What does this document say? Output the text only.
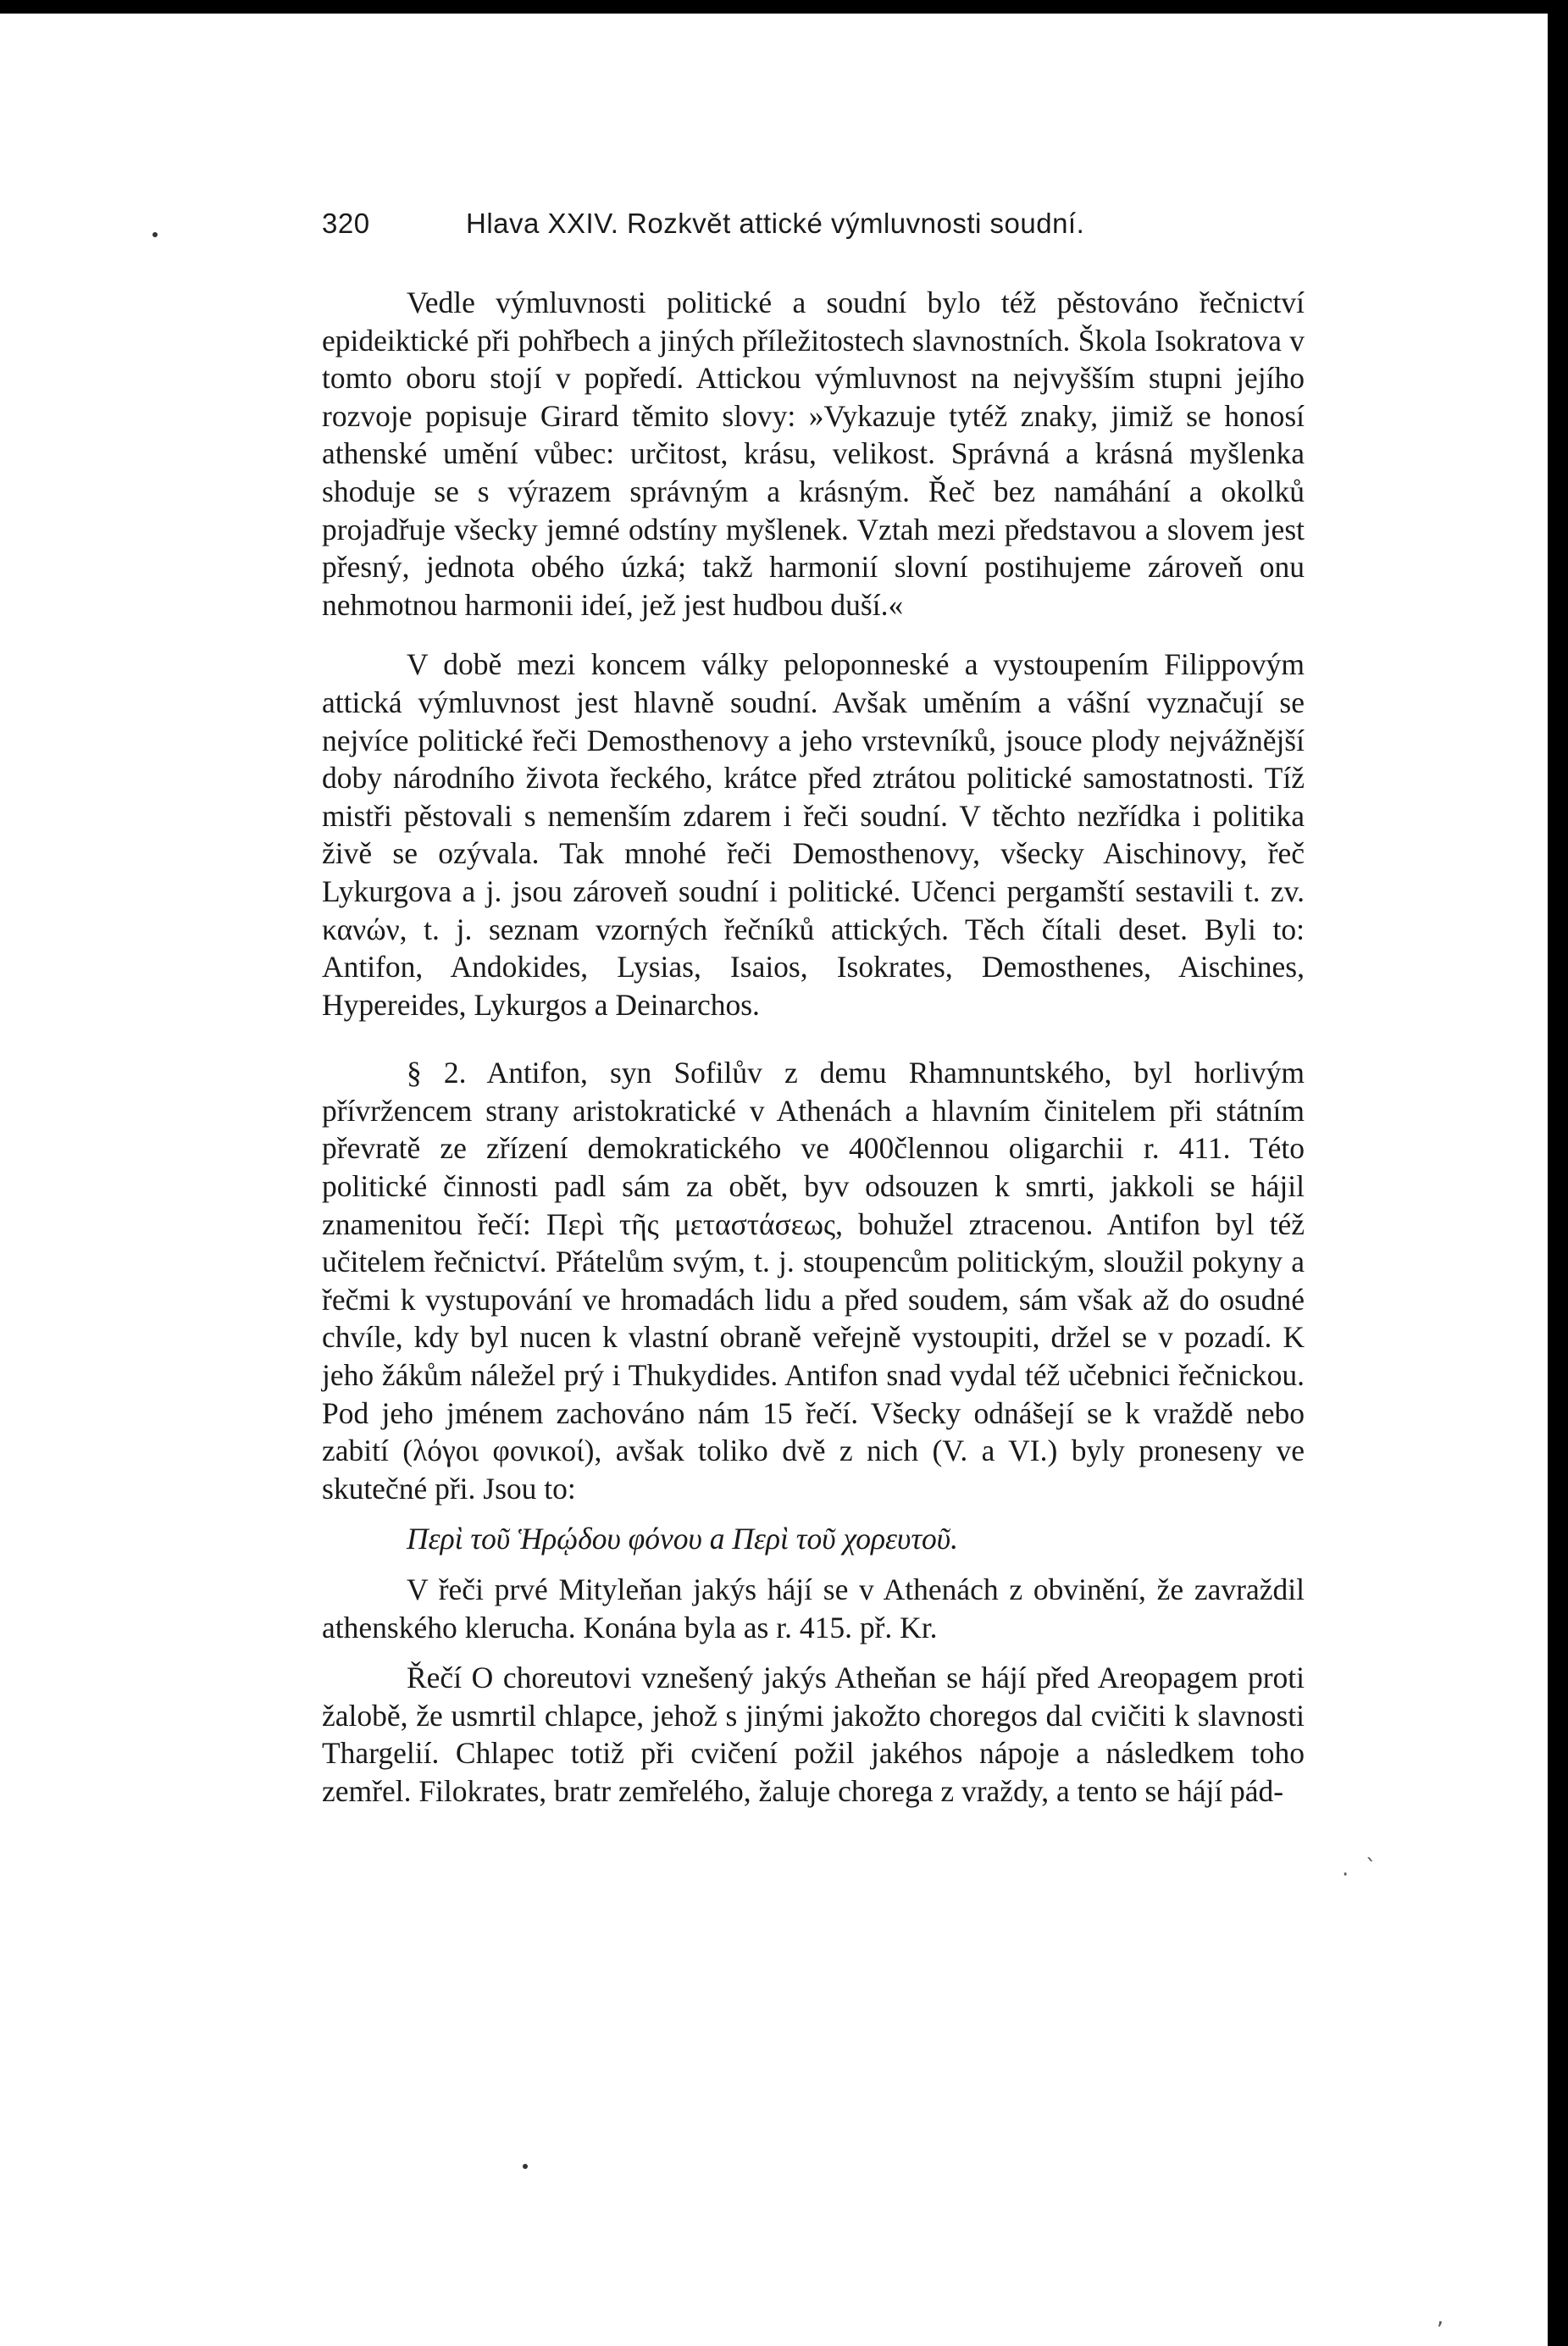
· `
,
320	Hlava XXIV. Rozkvět attické výmluvnosti soudní.

Vedle výmluvnosti politické a soudní bylo též pěstováno řečnictví epideiktické při pohřbech a jiných příležitostech slavnostních. Škola Isokratova v tomto oboru stojí v popředí. Attickou výmluvnost na nejvyšším stupni jejího rozvoje popisuje Girard těmito slovy: »Vykazuje tytéž znaky, jimiž se honosí athenské umění vůbec: určitost, krásu, velikost. Správná a krásná myšlenka shoduje se s výrazem správným a krásným. Řeč bez namáhání a okolků projadřuje všecky jemné odstíny myšlenek. Vztah mezi představou a slovem jest přesný, jednota obého úzká; takž harmonií slovní postihujeme zároveň onu nehmotnou harmonii ideí, jež jest hudbou duší.«

V době mezi koncem války peloponneské a vystoupením Filippovým attická výmluvnost jest hlavně soudní. Avšak uměním a vášní vyznačují se nejvíce politické řeči Demosthenovy a jeho vrstevníků, jsouce plody nejvážnější doby národního života řeckého, krátce před ztrátou politické samostatnosti. Tíž mistři pěstovali s nemenším zdarem i řeči soudní. V těchto nezřídka i politika živě se ozývala. Tak mnohé řeči Demosthenovy, všecky Aischinovy, řeč Lykurgova a j. jsou zároveň soudní i politické. Učenci pergamští sestavili t. zv. κανών, t. j. seznam vzorných řečníků attických. Těch čítali deset. Byli to: Antifon, Andokides, Lysias, Isaios, Isokrates, Demosthenes, Aischines, Hypereides, Lykurgos a Deinarchos.

§ 2. Antifon, syn Sofilův z demu Rhamnuntského, byl horlivým přívržencem strany aristokratické v Athenách a hlavním činitelem při státním převratě ze zřízení demokratického ve 400člennou oligarchii r. 411. Této politické činnosti padl sám za obět, byv odsouzen k smrti, jakkoli se hájil znamenitou řečí: Περὶ τῆς μεταστάσεως, bohužel ztracenou. Antifon byl též učitelem řečnictví. Přátelům svým, t. j. stoupencům politickým, sloužil pokyny a řečmi k vystupování ve hromadách lidu a před soudem, sám však až do osudné chvíle, kdy byl nucen k vlastní obraně veřejně vystoupiti, držel se v pozadí. K jeho žákům náležel prý i Thukydides. Antifon snad vydal též učebnici řečnickou. Pod jeho jménem zachováno nám 15 řečí. Všecky odnášejí se k vraždě nebo zabití (λόγοι φονικοί), avšak toliko dvě z nich (V. a VI.) byly proneseny ve skutečné při. Jsou to:

Περὶ τοῦ Ἡρῴδου φόνου a Περὶ τοῦ χορευτοῦ.

V řeči prvé Mityleňan jakýs hájí se v Athenách z obvinění, že zavraždil athenského klerucha. Konána byla as r. 415. př. Kr.

Řečí O choreutovi vznešený jakýs Atheňan se hájí před Areopagem proti žalobě, že usmrtil chlapce, jehož s jinými jakožto choregos dal cvičiti k slavnosti Thargelií. Chlapec totiž při cvičení požil jakéhos nápoje a následkem toho zemřel. Filokrates, bratr zemřelého, žaluje chorega z vraždy, a tento se hájí pád-
